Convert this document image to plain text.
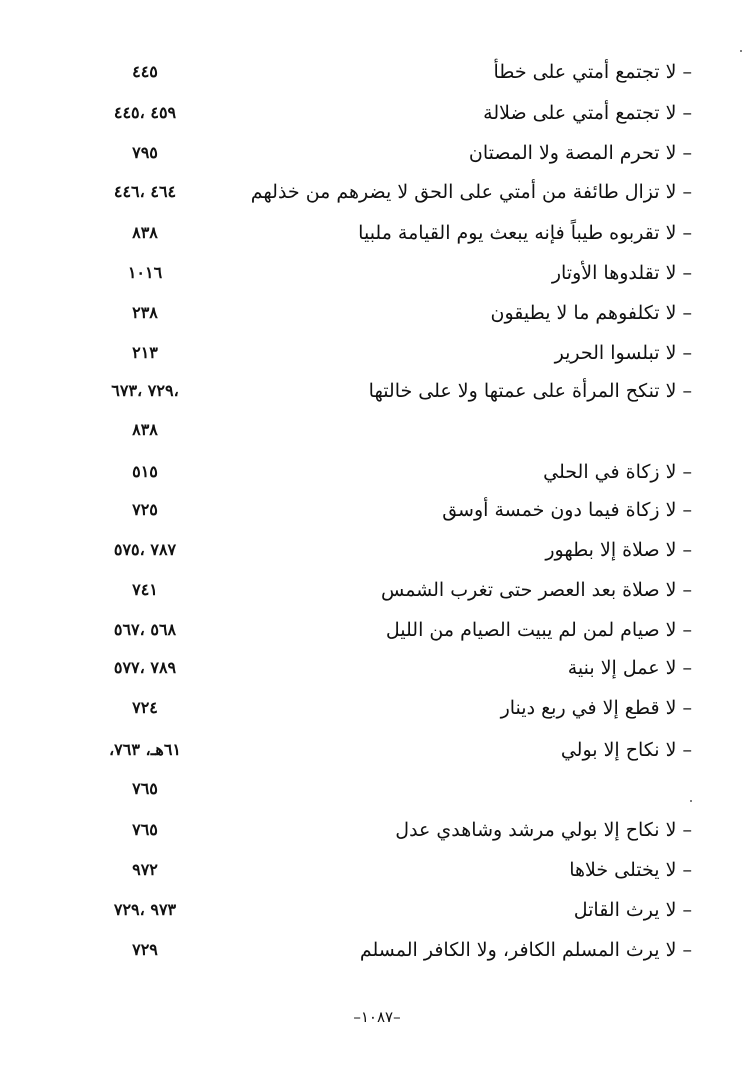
– لا تجتمع أمتي على خطأ
٤٤٥
– لا تجتمع أمتي على ضلالة
٤٥٩ ،٤٤٥
– لا تحرم المصة ولا المصتان
٧٩٥
– لا تزال طائفة من أمتي على الحق لا يضرهم من خذلهم
٤٦٤ ،٤٤٦
– لا تقربوه طيباً فإنه يبعث يوم القيامة ملبيا
٨٣٨
– لا تقلدوها الأوتار
١٠١٦
– لا تكلفوهم ما لا يطيقون
٢٣٨
– لا تبلسوا الحرير
٢١٣
– لا تنكح المرأة على عمتها ولا على خالتها
،٧٢٩ ،٦٧٣
٨٣٨
– لا زكاة في الحلي
٥١٥
– لا زكاة فيما دون خمسة أوسق
٧٢٥
– لا صلاة إلا بطهور
٧٨٧ ،٥٧٥
– لا صلاة بعد العصر حتى تغرب الشمس
٧٤١
– لا صيام لمن لم يبيت الصيام من الليل
٥٦٨ ،٥٦٧
– لا عمل إلا بنية
٧٨٩ ،٥٧٧
– لا قطع إلا في ربع دينار
٧٢٤
– لا نكاح إلا بولي
٦١هـ، ٧٦٣،
٧٦٥
– لا نكاح إلا بولي مرشد وشاهدي عدل
٧٦٥
– لا يختلى خلاها
٩٧٢
– لا يرث القاتل
٩٧٣ ،٧٢٩
– لا يرث المسلم الكافر، ولا الكافر المسلم
٧٢٩
–١٠٨٧–
